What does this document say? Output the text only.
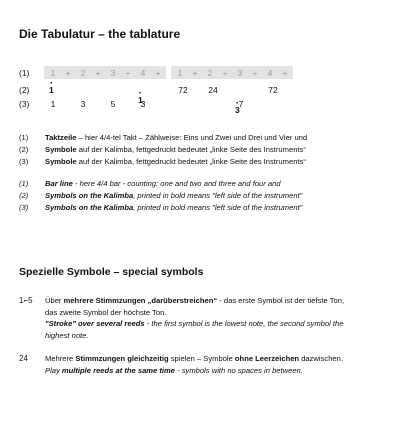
Die Tabulatur – the tablature
(1)	1	+	2	+	3	+	4	+	1	+	2	+	3	+	4	+
(2)
·	1 · 1
72	24
· 3
72
(3)	1	3	5	3	7
(1) Taktzeile – hier 4/4-tel Takt – Zählweise: Eins und Zwei und Drei und Vier und
(2) Symbole auf der Kalimba, fettgedruckt bedeutet „linke Seite des Instruments“
(3) Symbole auf der Kalimba, fettgedruckt bedeutet „linke Seite des Instruments“
(1) Bar line - here 4/4 bar - counting: one and two and three and four and
(2) Symbols on the Kalimba, printed in bold means "left side of the instrument"
(3) Symbols on the Kalimba, printed in bold means "left side of the instrument"
Spezielle Symbole – special symbols
1⌐5 Über mehrere Stimmzungen „darüberstreichen“ - das erste Symbol ist der tiefste Ton,
das zweite Symbol der höchste Ton.
"Stroke" over several reeds - the first symbol is the lowest note, the second symbol the
highest note.
24 Mehrere Stimmzungen gleichzeitig spielen – Symbole ohne Leerzeichen dazwischen.
Play multiple reeds at the same time - symbols with no spaces in between.
